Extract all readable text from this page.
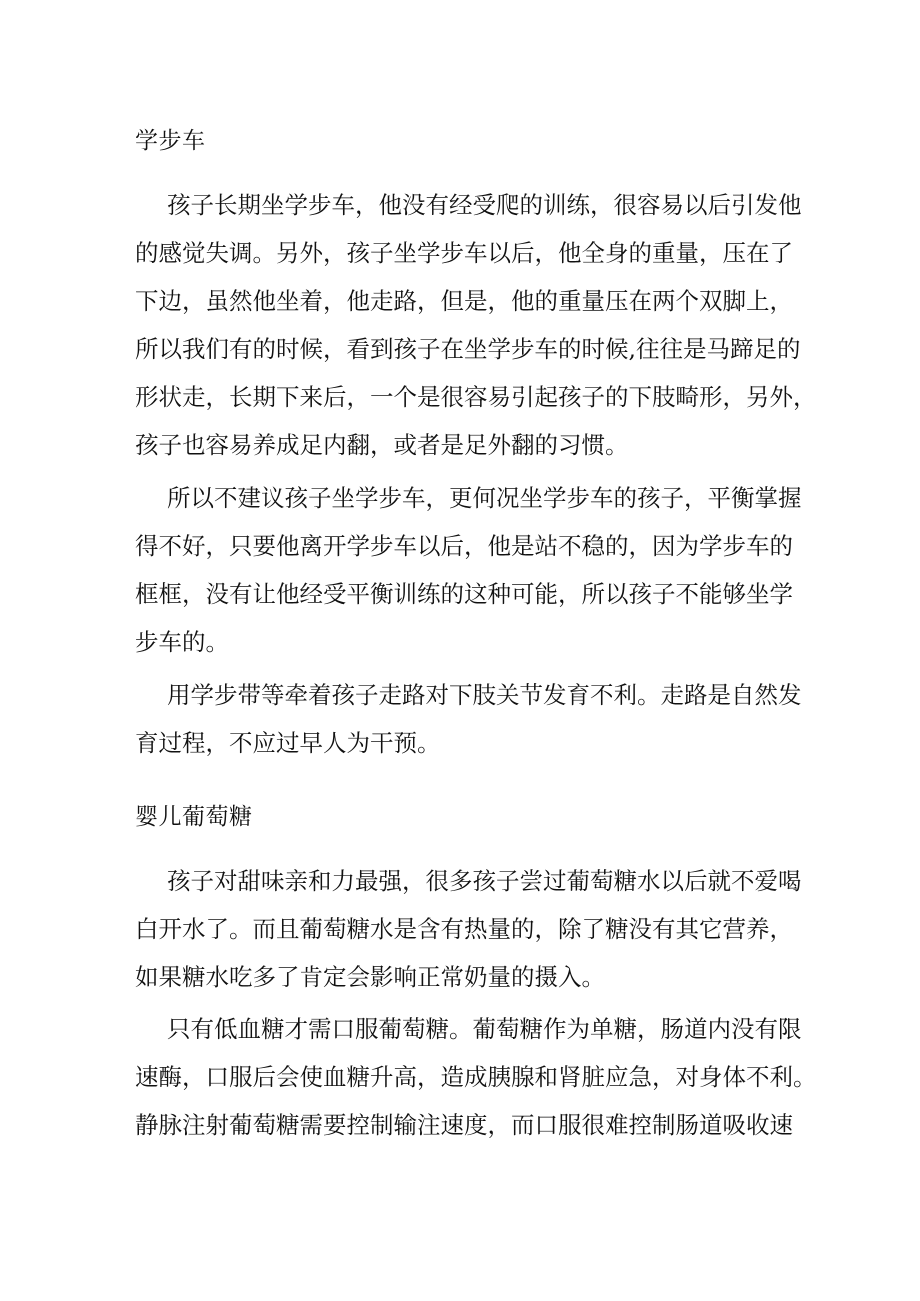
学步车
孩子长期坐学步车，他没有经受爬的训练，很容易以后引发他
的感觉失调。另外，孩子坐学步车以后，他全身的重量，压在了
下边，虽然他坐着，他走路，但是，他的重量压在两个双脚上，
所以我们有的时候，看到孩子在坐学步车的时候,往往是马蹄足的
形状走，长期下来后，一个是很容易引起孩子的下肢畸形，另外，
孩子也容易养成足内翻，或者是足外翻的习惯。
所以不建议孩子坐学步车，更何况坐学步车的孩子，平衡掌握
得不好，只要他离开学步车以后，他是站不稳的，因为学步车的
框框，没有让他经受平衡训练的这种可能，所以孩子不能够坐学
步车的。
用学步带等牵着孩子走路对下肢关节发育不利。走路是自然发
育过程，不应过早人为干预。
婴儿葡萄糖
孩子对甜味亲和力最强，很多孩子尝过葡萄糖水以后就不爱喝
白开水了。而且葡萄糖水是含有热量的，除了糖没有其它营养，
如果糖水吃多了肯定会影响正常奶量的摄入。
只有低血糖才需口服葡萄糖。葡萄糖作为单糖，肠道内没有限
速酶，口服后会使血糖升高，造成胰腺和肾脏应急，对身体不利。
静脉注射葡萄糖需要控制输注速度，而口服很难控制肠道吸收速
